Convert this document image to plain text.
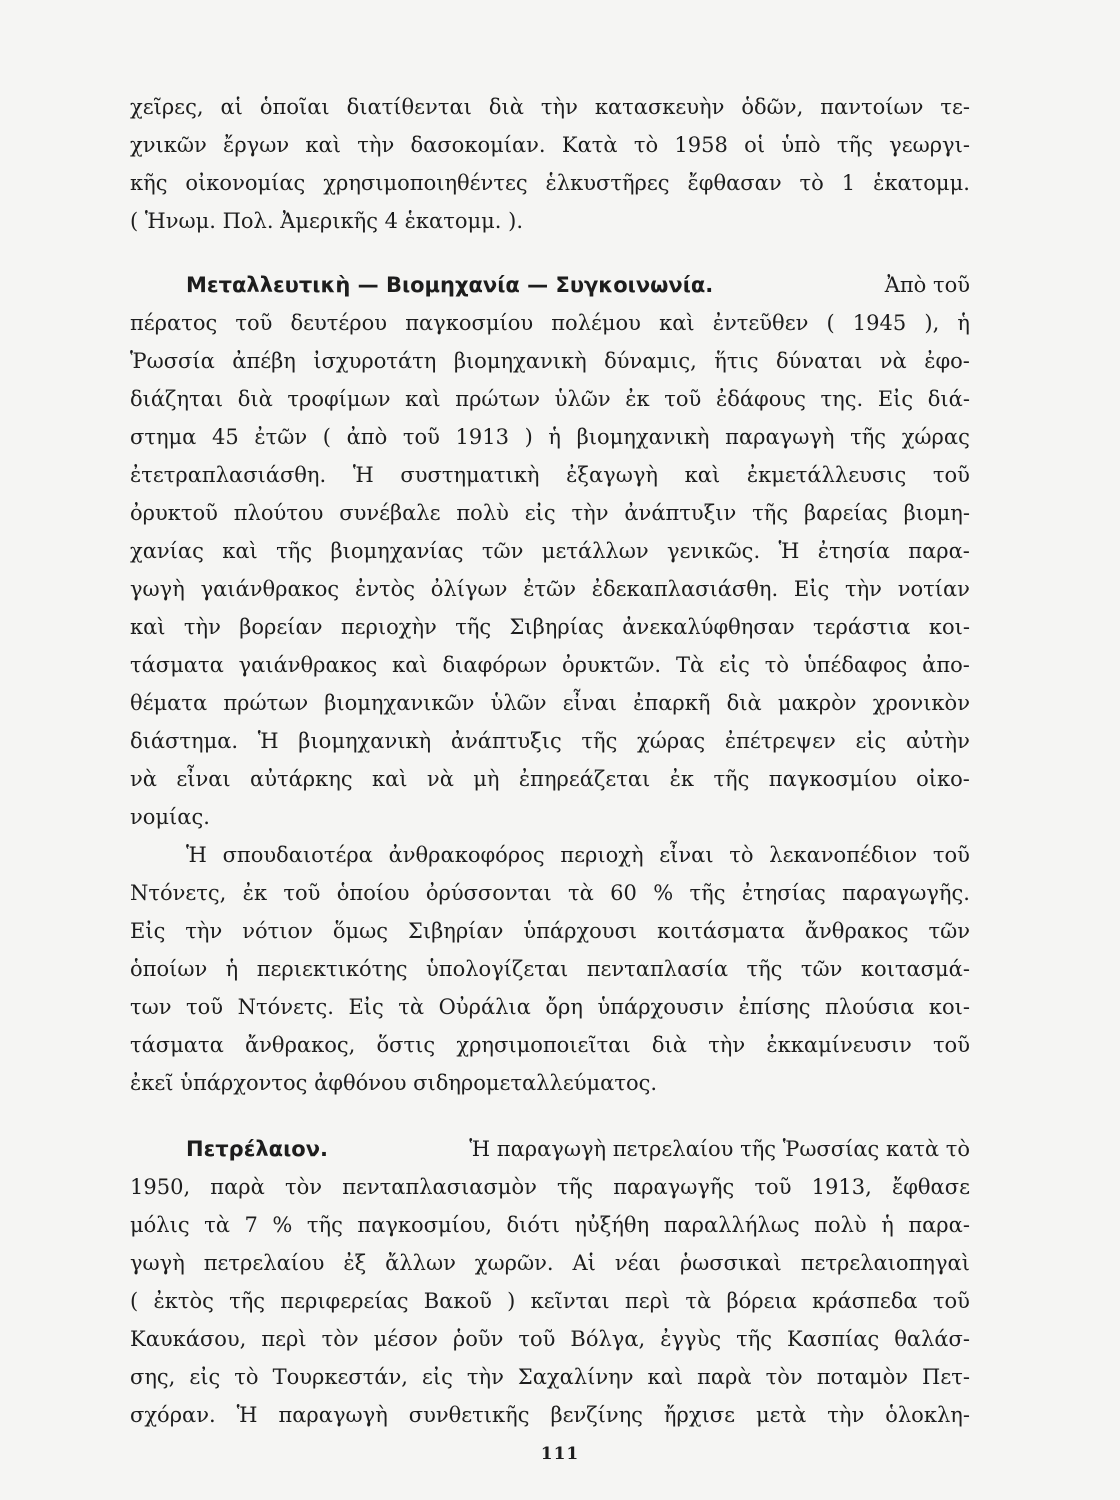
χεῖρες, αἱ ὁποῖαι διατίθενται διὰ τὴν κατασκευὴν ὁδῶν, παντοίων τε-
χνικῶν ἔργων καὶ τὴν δασοκομίαν. Κατὰ τὸ 1958 οἱ ὑπὸ τῆς γεωργι-
κῆς οἰκονομίας χρησιμοποιηθέντες ἑλκυστῆρες ἔφθασαν τὸ 1 ἑκατομμ.
( Ἡνωμ. Πολ. Ἀμερικῆς 4 ἑκατομμ. ).
Μεταλλευτικὴ — Βιομηχανία — Συγκοινωνία.	Ἀπὸ τοῦ
πέρατος τοῦ δευτέρου παγκοσμίου πολέμου καὶ ἐντεῦθεν ( 1945 ), ἡ
Ῥωσσία ἀπέβη ἰσχυροτάτη βιομηχανικὴ δύναμις, ἥτις δύναται νὰ ἐφο-
διάζηται διὰ τροφίμων καὶ πρώτων ὑλῶν ἐκ τοῦ ἐδάφους της. Εἰς διά-
στημα 45 ἐτῶν ( ἀπὸ τοῦ 1913 ) ἡ βιομηχανικὴ παραγωγὴ τῆς χώρας
ἐτετραπλασιάσθη. Ἡ συστηματικὴ ἐξαγωγὴ καὶ ἐκμετάλλευσις τοῦ
ὀρυκτοῦ πλούτου συνέβαλε πολὺ εἰς τὴν ἀνάπτυξιν τῆς βαρείας βιομη-
χανίας καὶ τῆς βιομηχανίας τῶν μετάλλων γενικῶς. Ἡ ἐτησία παρα-
γωγὴ γαιάνθρακος ἐντὸς ὀλίγων ἐτῶν ἐδεκαπλασιάσθη. Εἰς τὴν νοτίαν
καὶ τὴν βορείαν περιοχὴν τῆς Σιβηρίας ἀνεκαλύφθησαν τεράστια κοι-
τάσματα γαιάνθρακος καὶ διαφόρων ὀρυκτῶν. Τὰ εἰς τὸ ὑπέδαφος ἀπο-
θέματα πρώτων βιομηχανικῶν ὑλῶν εἶναι ἐπαρκῆ διὰ μακρὸν χρονικὸν
διάστημα. Ἡ βιομηχανικὴ ἀνάπτυξις τῆς χώρας ἐπέτρεψεν εἰς αὐτὴν
νὰ εἶναι αὐτάρκης καὶ νὰ μὴ ἐπηρεάζεται ἐκ τῆς παγκοσμίου οἰκο-
νομίας.
Ἡ σπουδαιοτέρα ἀνθρακοφόρος περιοχὴ εἶναι τὸ λεκανοπέδιον τοῦ
Ντόνετς, ἐκ τοῦ ὁποίου ὀρύσσονται τὰ 60 % τῆς ἐτησίας παραγωγῆς.
Εἰς τὴν νότιον ὅμως Σιβηρίαν ὑπάρχουσι κοιτάσματα ἄνθρακος τῶν
ὁποίων ἡ περιεκτικότης ὑπολογίζεται πενταπλασία τῆς τῶν κοιτασμά-
των τοῦ Ντόνετς. Εἰς τὰ Οὐράλια ὄρη ὑπάρχουσιν ἐπίσης πλούσια κοι-
τάσματα ἄνθρακος, ὅστις χρησιμοποιεῖται διὰ τὴν ἐκκαμίνευσιν τοῦ
ἐκεῖ ὑπάρχοντος ἀφθόνου σιδηρομεταλλεύματος.
Πετρέλαιον.	Ἡ παραγωγὴ πετρελαίου τῆς Ῥωσσίας κατὰ τὸ
1950, παρὰ τὸν πενταπλασιασμὸν τῆς παραγωγῆς τοῦ 1913, ἔφθασε
μόλις τὰ 7 % τῆς παγκοσμίου, διότι ηὐξήθη παραλλήλως πολὺ ἡ παρα-
γωγὴ πετρελαίου ἐξ ἄλλων χωρῶν. Αἱ νέαι ῥωσσικαὶ πετρελαιοπηγαὶ
( ἐκτὸς τῆς περιφερείας Βακοῦ ) κεῖνται περὶ τὰ βόρεια κράσπεδα τοῦ
Καυκάσου, περὶ τὸν μέσον ῥοῦν τοῦ Βόλγα, ἐγγὺς τῆς Κασπίας θαλάσ-
σης, εἰς τὸ Τουρκεστάν, εἰς τὴν Σαχαλίνην καὶ παρὰ τὸν ποταμὸν Πετ-
σχόραν. Ἡ παραγωγὴ συνθετικῆς βενζίνης ἤρχισε μετὰ τὴν ὁλοκλη-
111
